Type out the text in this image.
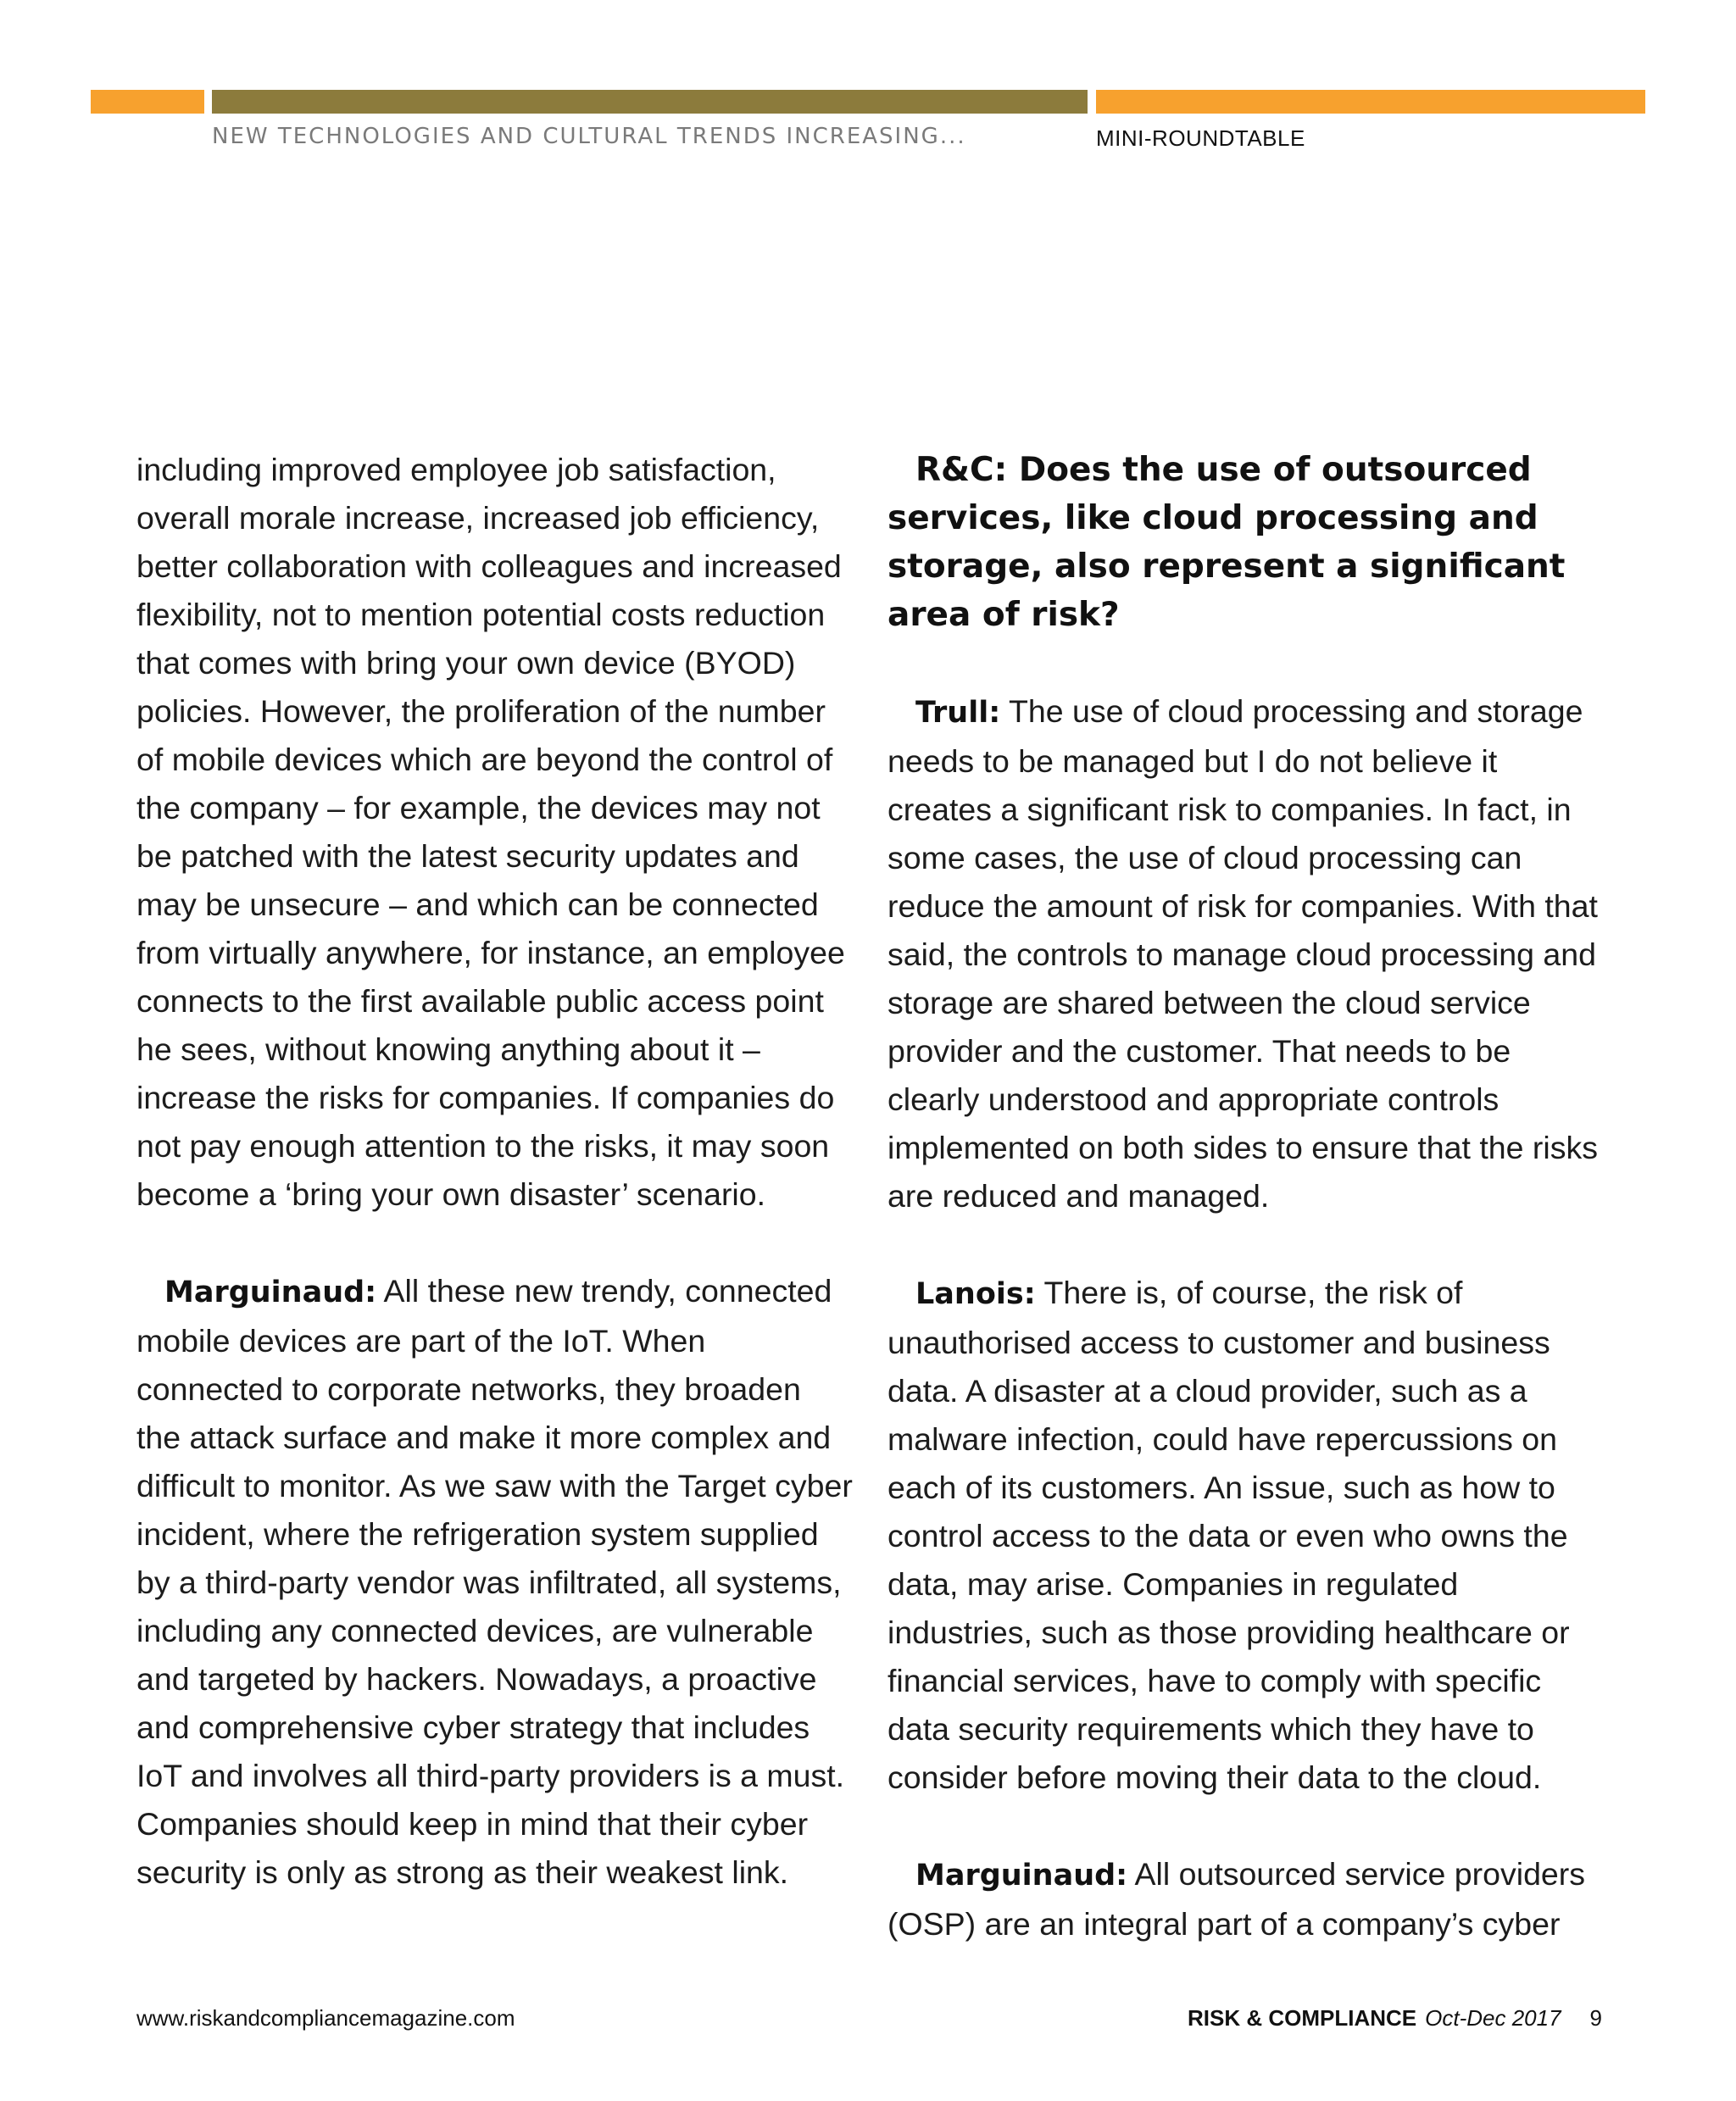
NEW TECHNOLOGIES AND CULTURAL TRENDS INCREASING...	MINI-ROUNDTABLE

including improved employee job satisfaction, overall morale increase, increased job efficiency, better collaboration with colleagues and increased flexibility, not to mention potential costs reduction that comes with bring your own device (BYOD) policies. However, the proliferation of the number of mobile devices which are beyond the control of the company – for example, the devices may not be patched with the latest security updates and may be unsecure – and which can be connected from virtually anywhere, for instance, an employee connects to the first available public access point he sees, without knowing anything about it – increase the risks for companies. If companies do not pay enough attention to the risks, it may soon become a ‘bring your own disaster’ scenario.

Marguinaud: All these new trendy, connected mobile devices are part of the IoT. When connected to corporate networks, they broaden the attack surface and make it more complex and difficult to monitor. As we saw with the Target cyber incident, where the refrigeration system supplied by a third-party vendor was infiltrated, all systems, including any connected devices, are vulnerable and targeted by hackers. Nowadays, a proactive and comprehensive cyber strategy that includes IoT and involves all third-party providers is a must. Companies should keep in mind that their cyber security is only as strong as their weakest link.

R&C: Does the use of outsourced services, like cloud processing and storage, also represent a significant area of risk?

Trull: The use of cloud processing and storage needs to be managed but I do not believe it creates a significant risk to companies. In fact, in some cases, the use of cloud processing can reduce the amount of risk for companies. With that said, the controls to manage cloud processing and storage are shared between the cloud service provider and the customer. That needs to be clearly understood and appropriate controls implemented on both sides to ensure that the risks are reduced and managed.

Lanois: There is, of course, the risk of unauthorised access to customer and business data. A disaster at a cloud provider, such as a malware infection, could have repercussions on each of its customers. An issue, such as how to control access to the data or even who owns the data, may arise. Companies in regulated industries, such as those providing healthcare or financial services, have to comply with specific data security requirements which they have to consider before moving their data to the cloud.

Marguinaud: All outsourced service providers (OSP) are an integral part of a company’s cyber

www.riskandcompliancemagazine.com	RISK & COMPLIANCE Oct-Dec 2017 9
